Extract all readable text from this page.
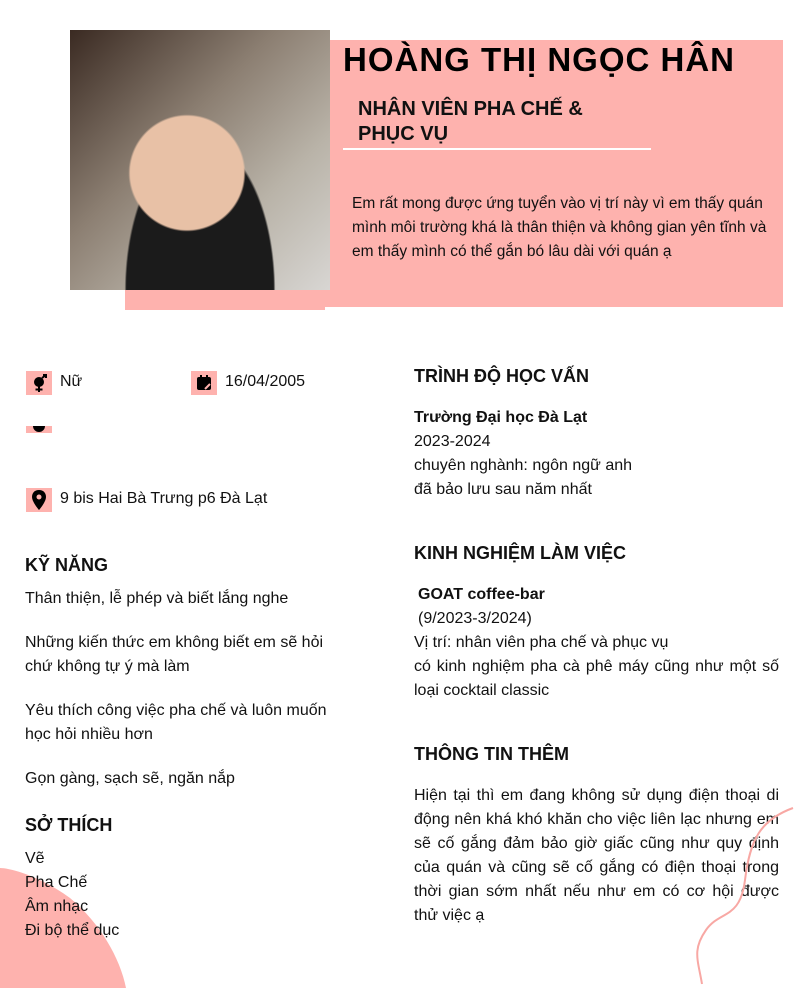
HOÀNG THỊ NGỌC HÂN
NHÂN VIÊN PHA CHẾ & PHỤC VỤ
Em rất mong được ứng tuyển vào vị trí này vì em thấy quán mình môi trường khá là thân thiện và không gian yên tĩnh và em thấy mình có thể gắn bó lâu dài với quán ạ
Nữ	16/04/2005
9 bis Hai Bà Trưng p6 Đà Lạt
KỸ NĂNG
Thân thiện, lễ phép và biết lắng nghe
Những kiến thức em không biết em sẽ hỏi chứ không tự ý mà làm
Yêu thích công việc pha chế và luôn muốn học hỏi nhiều hơn
Gọn gàng, sạch sẽ, ngăn nắp
SỞ THÍCH
Vẽ
Pha Chế
Âm nhạc
Đi bộ thể dục
TRÌNH ĐỘ HỌC VẤN
Trường Đại học Đà Lạt
2023-2024
chuyên nghành: ngôn ngữ anh
đã bảo lưu sau năm nhất
KINH NGHIỆM LÀM VIỆC
GOAT coffee-bar
(9/2023-3/2024)
Vị trí: nhân viên pha chế và phục vụ
có kinh nghiệm pha cà phê máy cũng như một số loại cocktail classic
THÔNG TIN THÊM
Hiện tại thì em đang không sử dụng điện thoại di động nên khá khó khăn cho việc liên lạc nhưng em sẽ cố gắng đảm bảo giờ giấc cũng như quy định của quán và cũng sẽ cố gắng có điện thoại trong thời gian sớm nhất nếu như em có cơ hội được thử việc ạ
